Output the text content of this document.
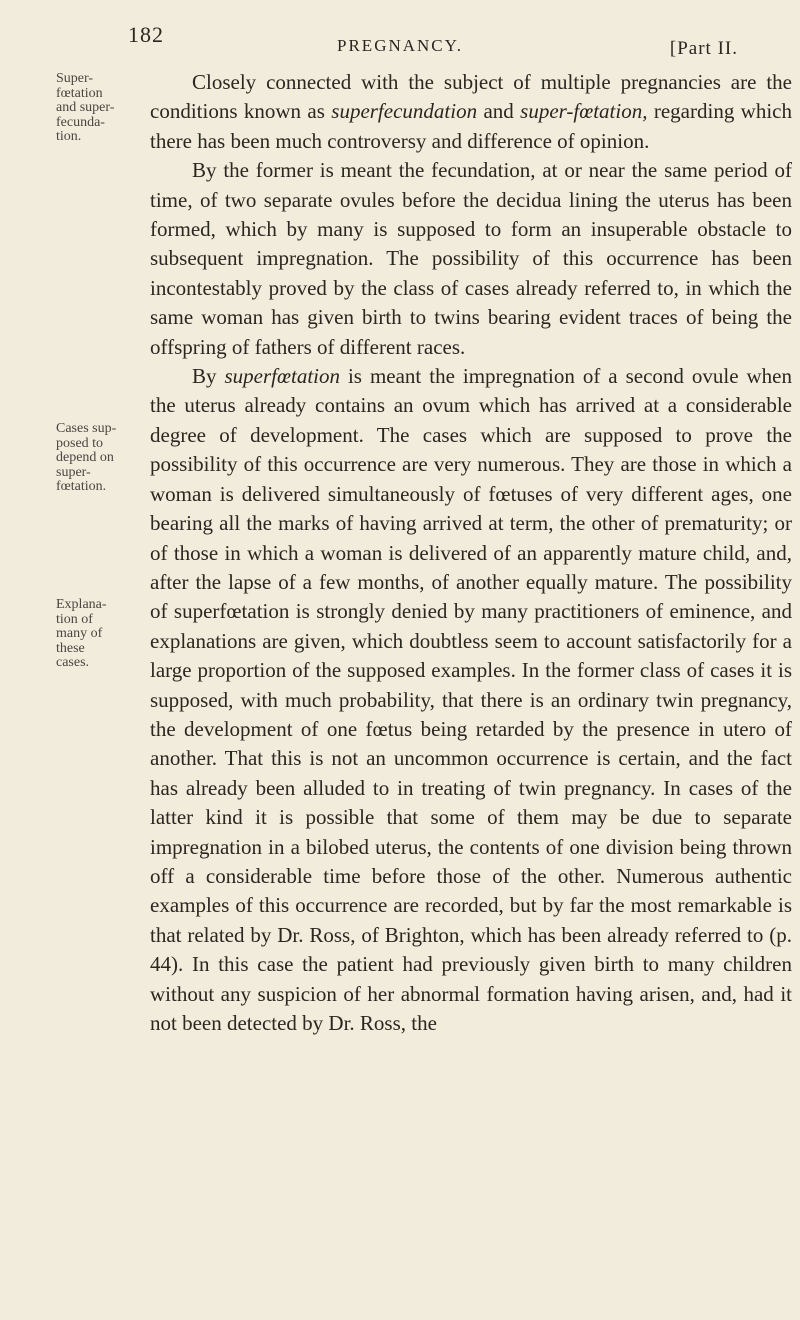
182	PREGNANCY.	[Part II.
Super-
fœtation
and super-
fecunda-
tion.
Cases sup-
posed to
depend on
super-
fœtation.
Explana-
tion of
many of
these
cases.

Closely connected with the subject of multiple pregnancies are the conditions known as superfecundation and super-fœtation, regarding which there has been much controversy and difference of opinion.

By the former is meant the fecundation, at or near the same period of time, of two separate ovules before the decidua lining the uterus has been formed, which by many is supposed to form an insuperable obstacle to subsequent impregnation. The possibility of this occurrence has been incontestably proved by the class of cases already referred to, in which the same woman has given birth to twins bearing evident traces of being the offspring of fathers of different races.

By superfœtation is meant the impregnation of a second ovule when the uterus already contains an ovum which has arrived at a considerable degree of development. The cases which are supposed to prove the possibility of this occurrence are very numerous. They are those in which a woman is delivered simultaneously of fœtuses of very different ages, one bearing all the marks of having arrived at term, the other of prematurity; or of those in which a woman is delivered of an apparently mature child, and, after the lapse of a few months, of another equally mature. The possibility of superfœtation is strongly denied by many practitioners of eminence, and explanations are given, which doubtless seem to account satisfactorily for a large proportion of the supposed examples. In the former class of cases it is supposed, with much probability, that there is an ordinary twin pregnancy, the development of one fœtus being retarded by the presence in utero of another. That this is not an uncommon occurrence is certain, and the fact has already been alluded to in treating of twin pregnancy. In cases of the latter kind it is possible that some of them may be due to separate impregnation in a bilobed uterus, the contents of one division being thrown off a considerable time before those of the other. Numerous authentic examples of this occurrence are recorded, but by far the most remarkable is that related by Dr. Ross, of Brighton, which has been already referred to (p. 44). In this case the patient had previously given birth to many children without any suspicion of her abnormal formation having arisen, and, had it not been detected by Dr. Ross, the
